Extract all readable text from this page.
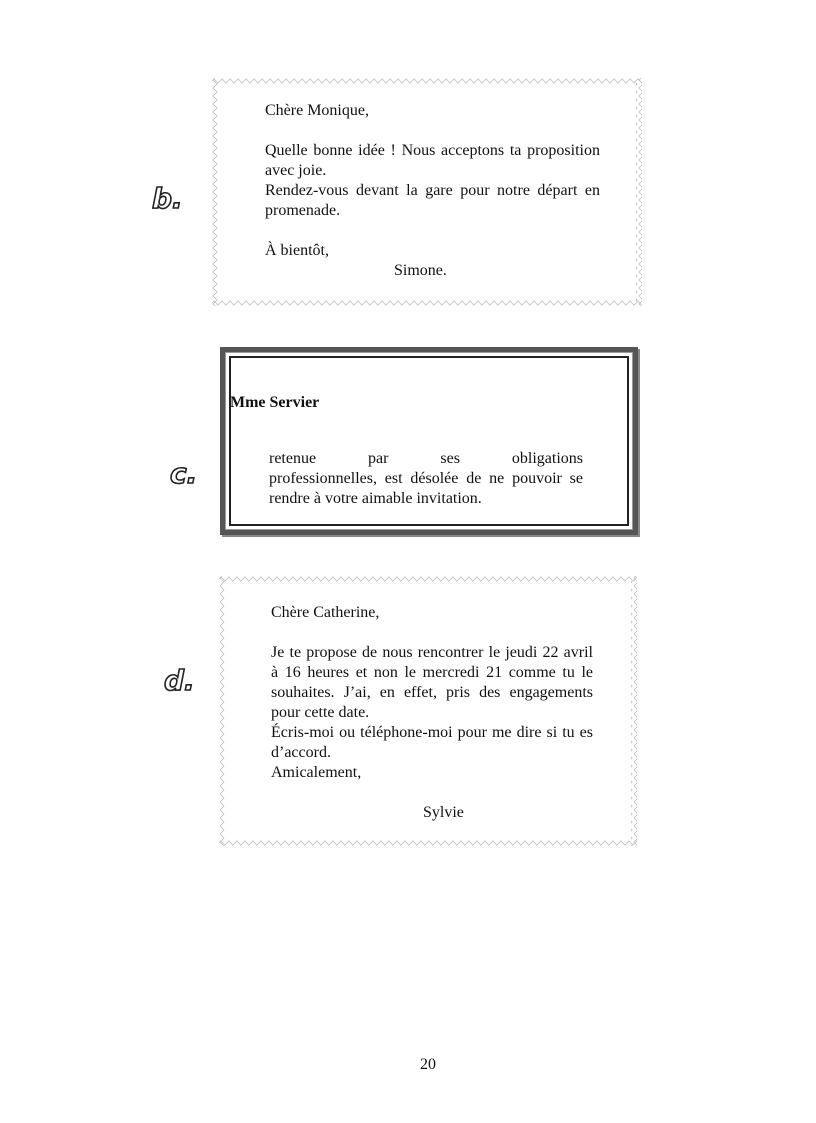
b.

Chère Monique,

Quelle bonne idée ! Nous acceptons ta proposition avec joie.

Rendez-vous devant la gare pour notre départ en promenade.

À bientôt,

Simone.

c.
Mme Servier
retenue	par	ses	obligations

professionnelles, est désolée de ne pouvoir se rendre à votre aimable invitation.

d.

Chère Catherine,

Je te propose de nous rencontrer le jeudi 22 avril à 16 heures et non le mercredi 21 comme tu le souhaites. J’ai, en effet, pris des engagements pour cette date.

Écris-moi ou téléphone-moi pour me dire si tu es d’accord.

Amicalement,

Sylvie

20
